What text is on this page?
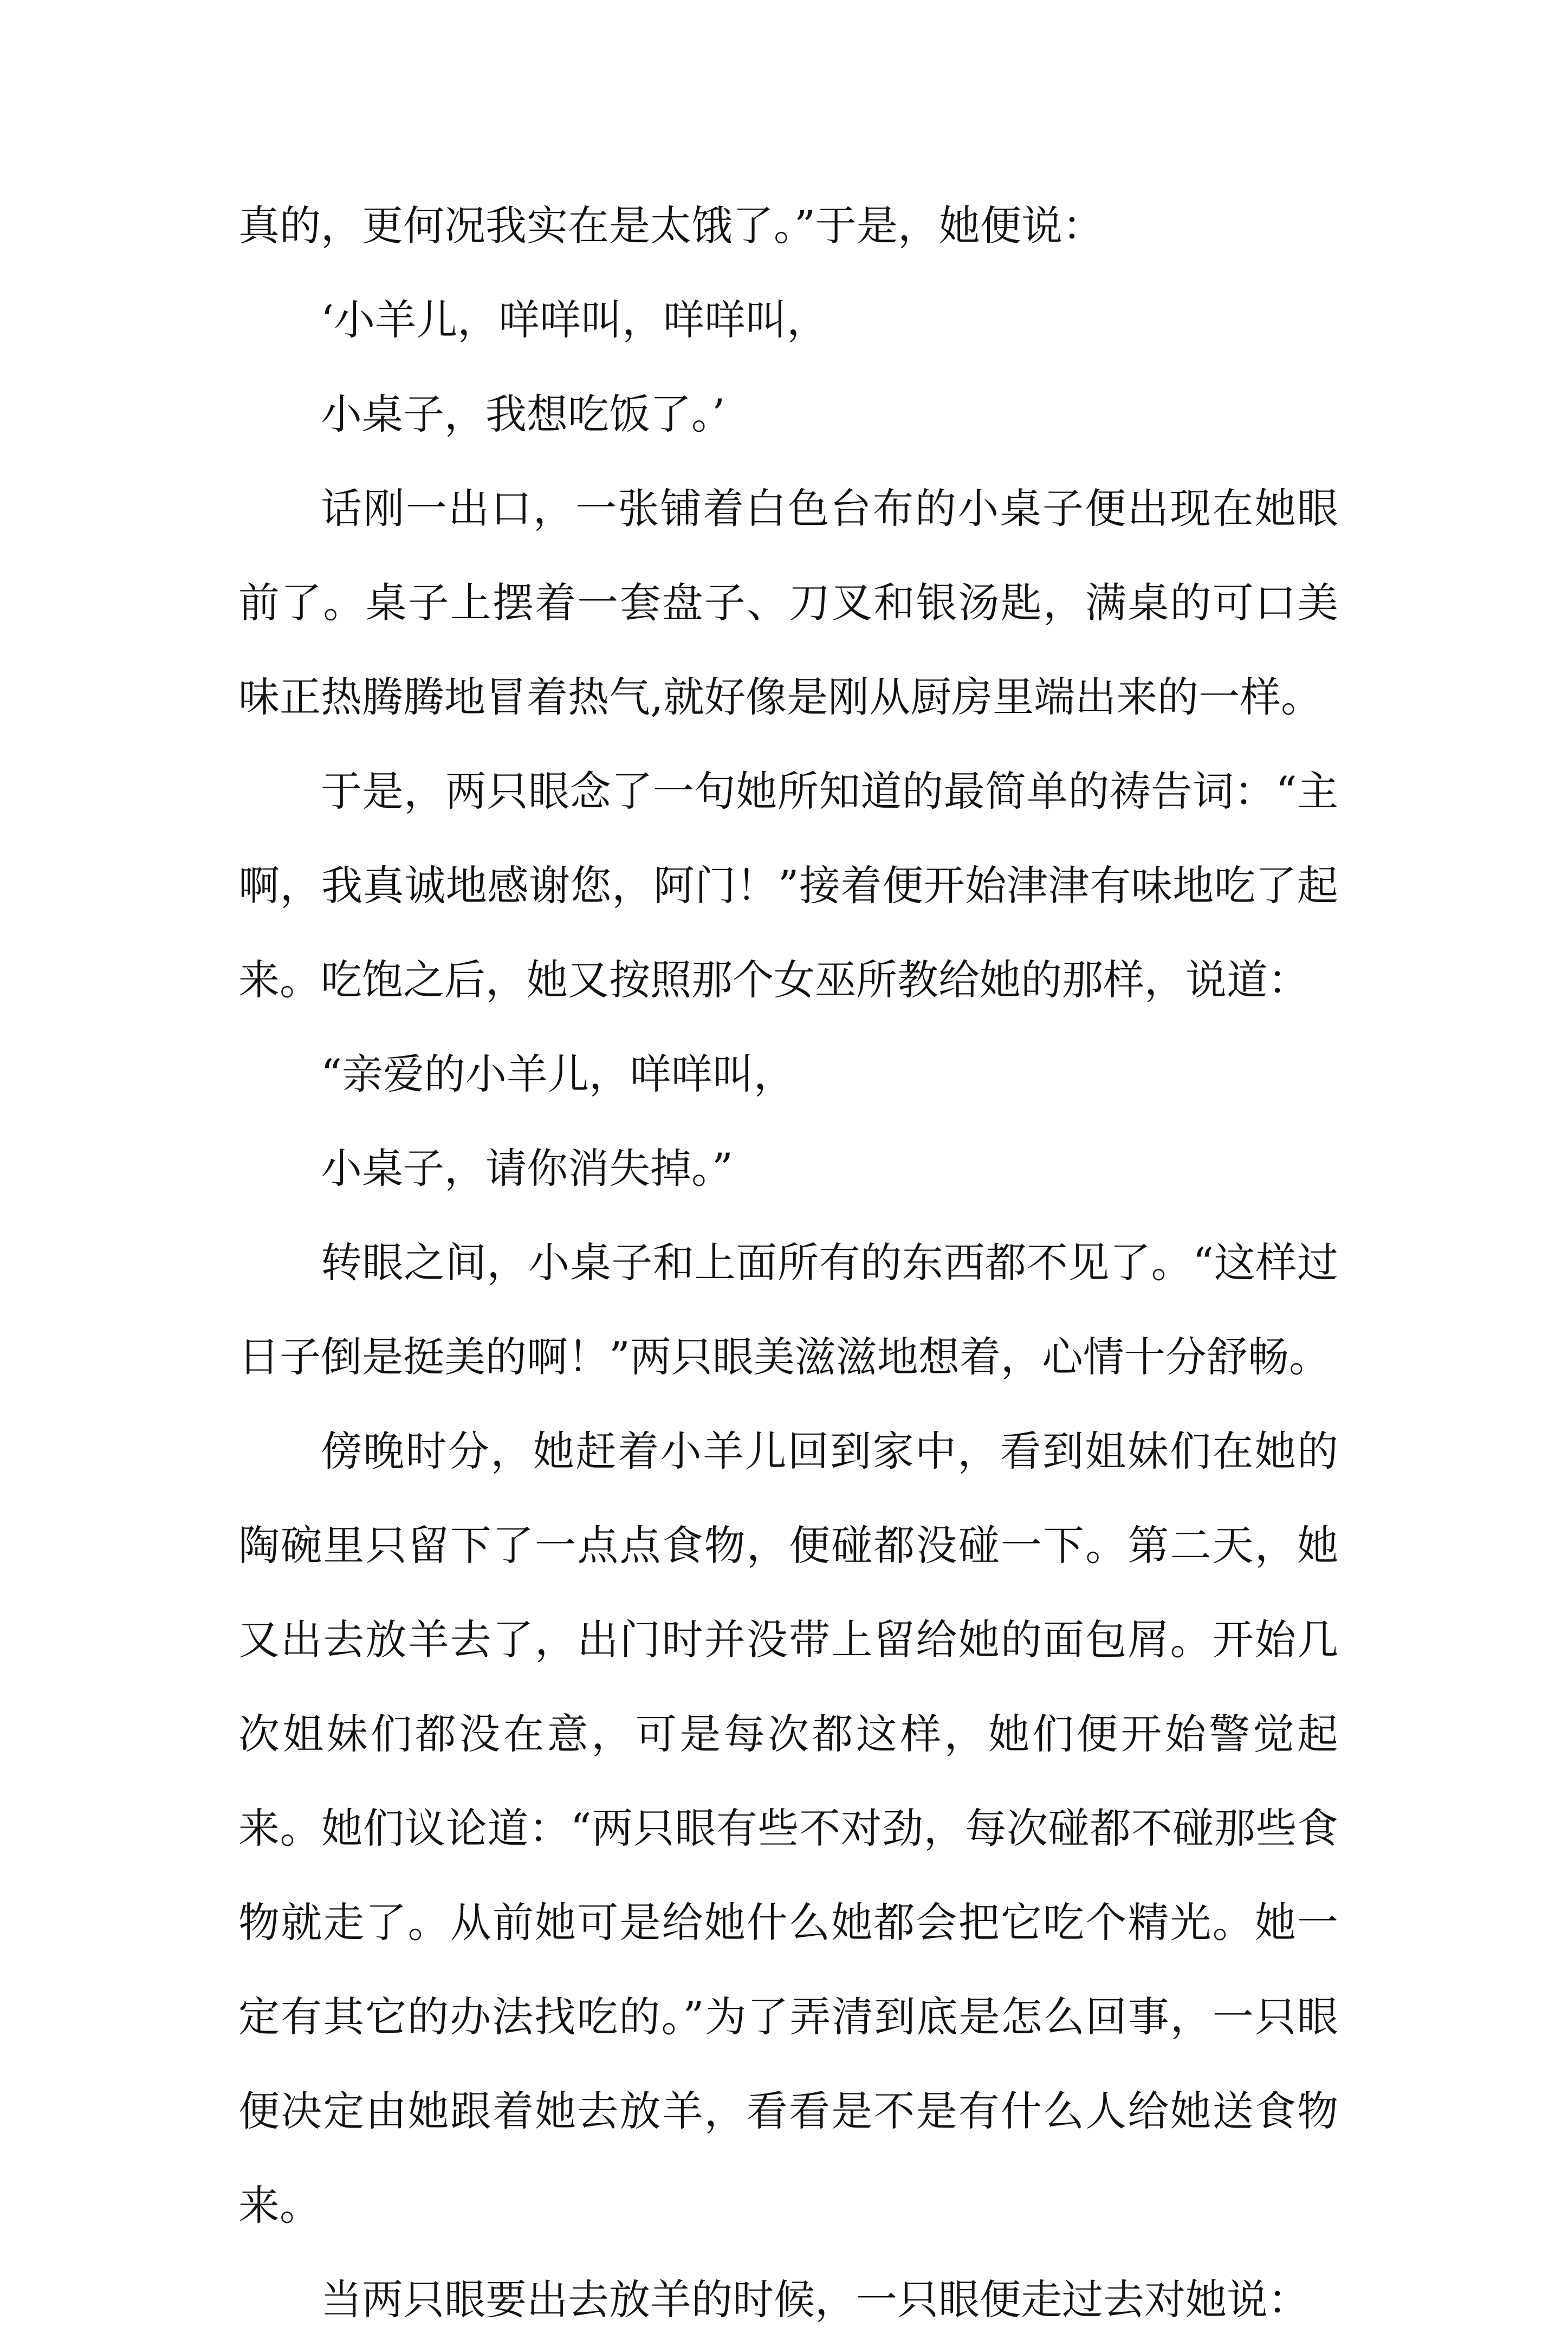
真的，更何况我实在是太饿了。”于是，她便说：

‘小羊儿，咩咩叫，咩咩叫，

小桌子，我想吃饭了。’

话刚一出口，一张铺着白色台布的小桌子便出现在她眼前了。桌子上摆着一套盘子、刀叉和银汤匙，满桌的可口美味正热腾腾地冒着热气,就好像是刚从厨房里端出来的一样。

于是，两只眼念了一句她所知道的最简单的祷告词：“主啊，我真诚地感谢您，阿门！”接着便开始津津有味地吃了起来。吃饱之后，她又按照那个女巫所教给她的那样，说道：

“亲爱的小羊儿，咩咩叫，

小桌子，请你消失掉。”

转眼之间，小桌子和上面所有的东西都不见了。“这样过日子倒是挺美的啊！”两只眼美滋滋地想着，心情十分舒畅。

傍晚时分，她赶着小羊儿回到家中，看到姐妹们在她的陶碗里只留下了一点点食物，便碰都没碰一下。第二天，她又出去放羊去了，出门时并没带上留给她的面包屑。开始几次姐妹们都没在意，可是每次都这样，她们便开始警觉起来。她们议论道：“两只眼有些不对劲，每次碰都不碰那些食物就走了。从前她可是给她什么她都会把它吃个精光。她一定有其它的办法找吃的。”为了弄清到底是怎么回事，一只眼便决定由她跟着她去放羊，看看是不是有什么人给她送食物来。

当两只眼要出去放羊的时候，一只眼便走过去对她说：
